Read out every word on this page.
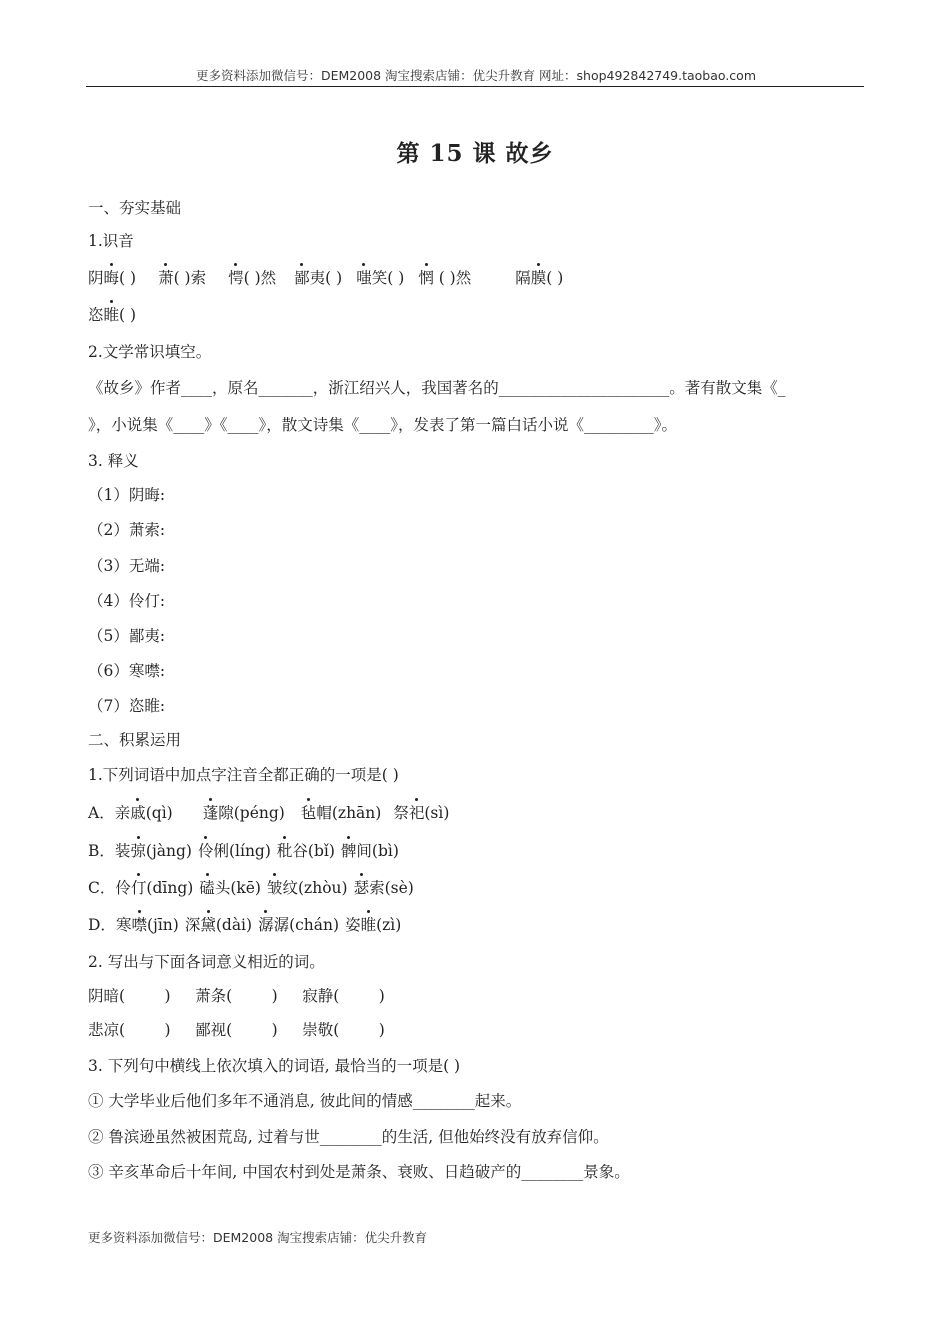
更多资料添加微信号：DEM2008 淘宝搜索店铺：优尖升教育 网址：shop492842749.taobao.com
第 15 课 故乡
一、夯实基础
1.识音
阴晦( ) 萧( )索 愕( )然 鄙夷( ) 嗤笑( ) 惘 ( )然	隔膜( )
恣睢( )
2.文学常识填空。
《故乡》作者____，原名_______，浙江绍兴人，我国著名的______________________。著有散文集《_
》，小说集《____》《____》，散文诗集《____》，发表了第一篇白话小说《_________》。
3. 释义
（1）阴晦:
（2）萧索:
（3）无端:
（4）伶仃:
（5）鄙夷:
（6）寒噤:
（7）恣睢:
二、积累运用
1.下列词语中加点字注音全都正确的一项是( )
A．亲戚(qì) 蓬隙(péng) 毡帽(zhān) 祭祀(sì)
B．装弶(jàng) 伶俐(líng) 秕谷(bǐ) 髀间(bì)
C．伶仃(dīng) 磕头(kē) 皱纹(zhòu) 瑟索(sè)
D．寒噤(jīn) 深黛(dài) 潺潺(chán) 姿睢(zì)
2. 写出与下面各词意义相近的词。
阴暗(        )     萧条(        )     寂静(        )
悲凉(        )     鄙视(        )     崇敬(        )
3. 下列句中横线上依次填入的词语, 最恰当的一项是( )
① 大学毕业后他们多年不通消息, 彼此间的情感________起来。
② 鲁滨逊虽然被困荒岛, 过着与世________的生活, 但他始终没有放弃信仰。
③ 辛亥革命后十年间, 中国农村到处是萧条、衰败、日趋破产的________景象。
更多资料添加微信号：DEM2008 淘宝搜索店铺：优尖升教育
